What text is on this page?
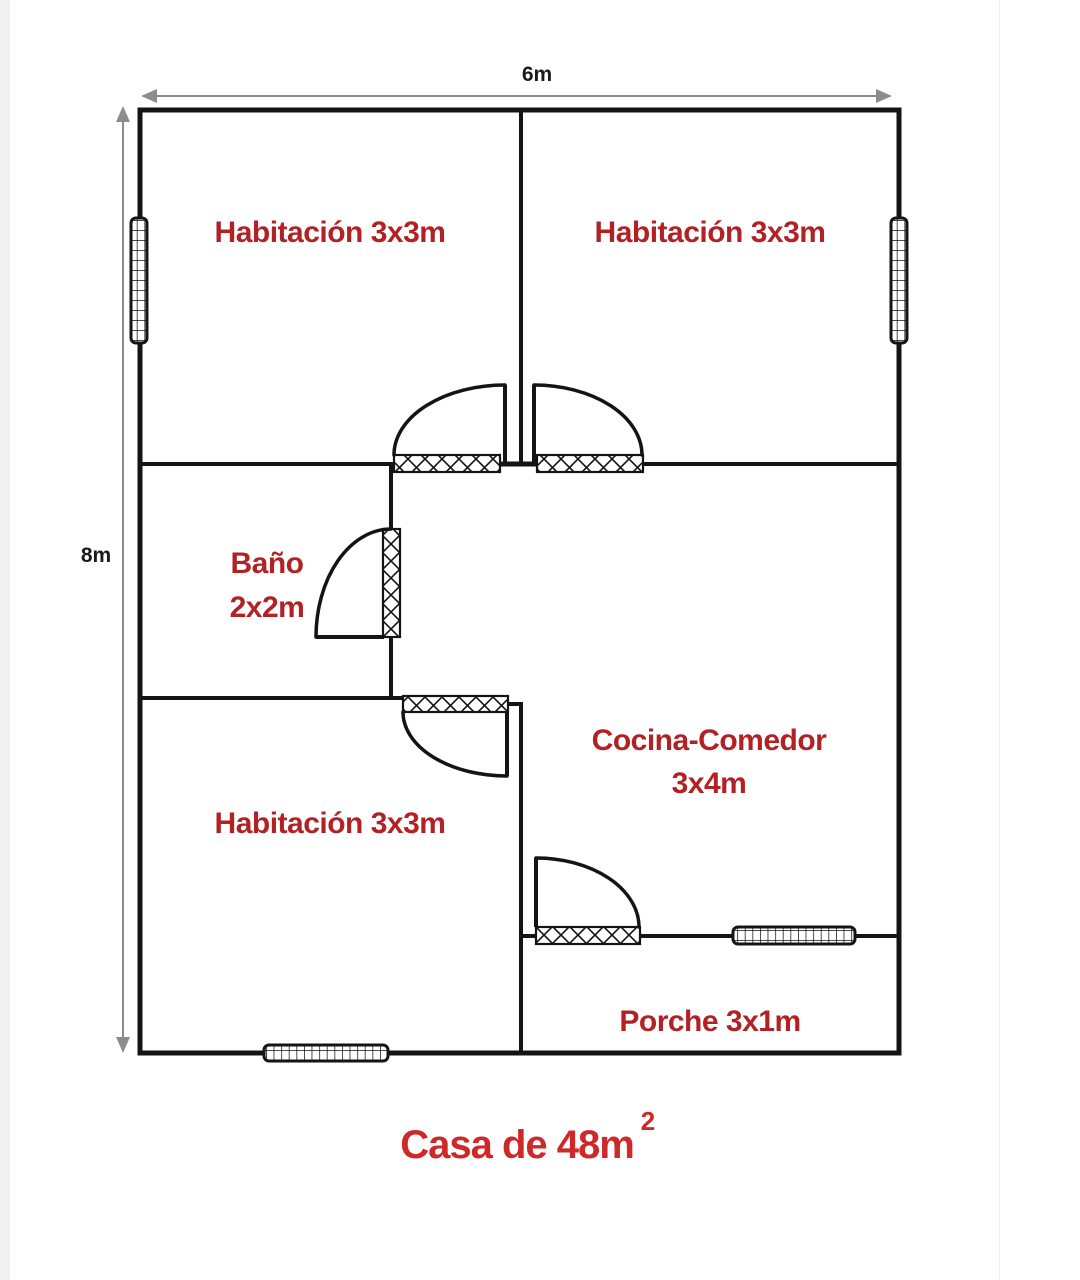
6m
8m
Habitación 3x3m	Habitación 3x3m
Baño
2x2m
Cocina-Comedor
3x4m
Habitación 3x3m
Porche 3x1m
Casa de 48m
2
